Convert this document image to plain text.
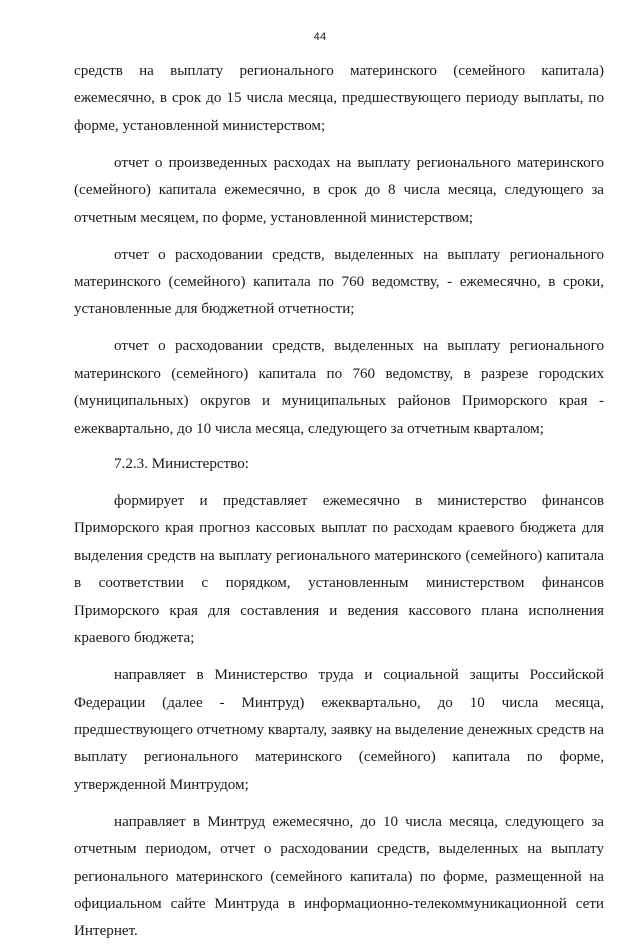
44

средств на выплату регионального материнского (семейного капитала) ежемесячно, в срок до 15 числа месяца, предшествующего периоду выплаты, по форме, установленной министерством;

отчет о произведенных расходах на выплату регионального материнского (семейного) капитала ежемесячно, в срок до 8 числа месяца, следующего за отчетным месяцем, по форме, установленной министерством;

отчет о расходовании средств, выделенных на выплату регионального материнского (семейного) капитала по 760 ведомству, - ежемесячно, в сроки, установленные для бюджетной отчетности;

отчет о расходовании средств, выделенных на выплату регионального материнского (семейного) капитала по 760 ведомству, в разрезе городских (муниципальных) округов и муниципальных районов Приморского края - ежеквартально, до 10 числа месяца, следующего за отчетным кварталом;

7.2.3. Министерство:

формирует и представляет ежемесячно в министерство финансов Приморского края прогноз кассовых выплат по расходам краевого бюджета для выделения средств на выплату регионального материнского (семейного) капитала в соответствии с порядком, установленным министерством финансов Приморского края для составления и ведения кассового плана исполнения краевого бюджета;

направляет в Министерство труда и социальной защиты Российской Федерации (далее - Минтруд) ежеквартально, до 10 числа месяца, предшествующего отчетному кварталу, заявку на выделение денежных средств на выплату регионального материнского (семейного) капитала по форме, утвержденной Минтрудом;

направляет в Минтруд ежемесячно, до 10 числа месяца, следующего за отчетным периодом, отчет о расходовании средств, выделенных на выплату регионального материнского (семейного капитала) по форме, размещенной на официальном сайте Минтруда в информационно-телекоммуникационной сети Интернет.
